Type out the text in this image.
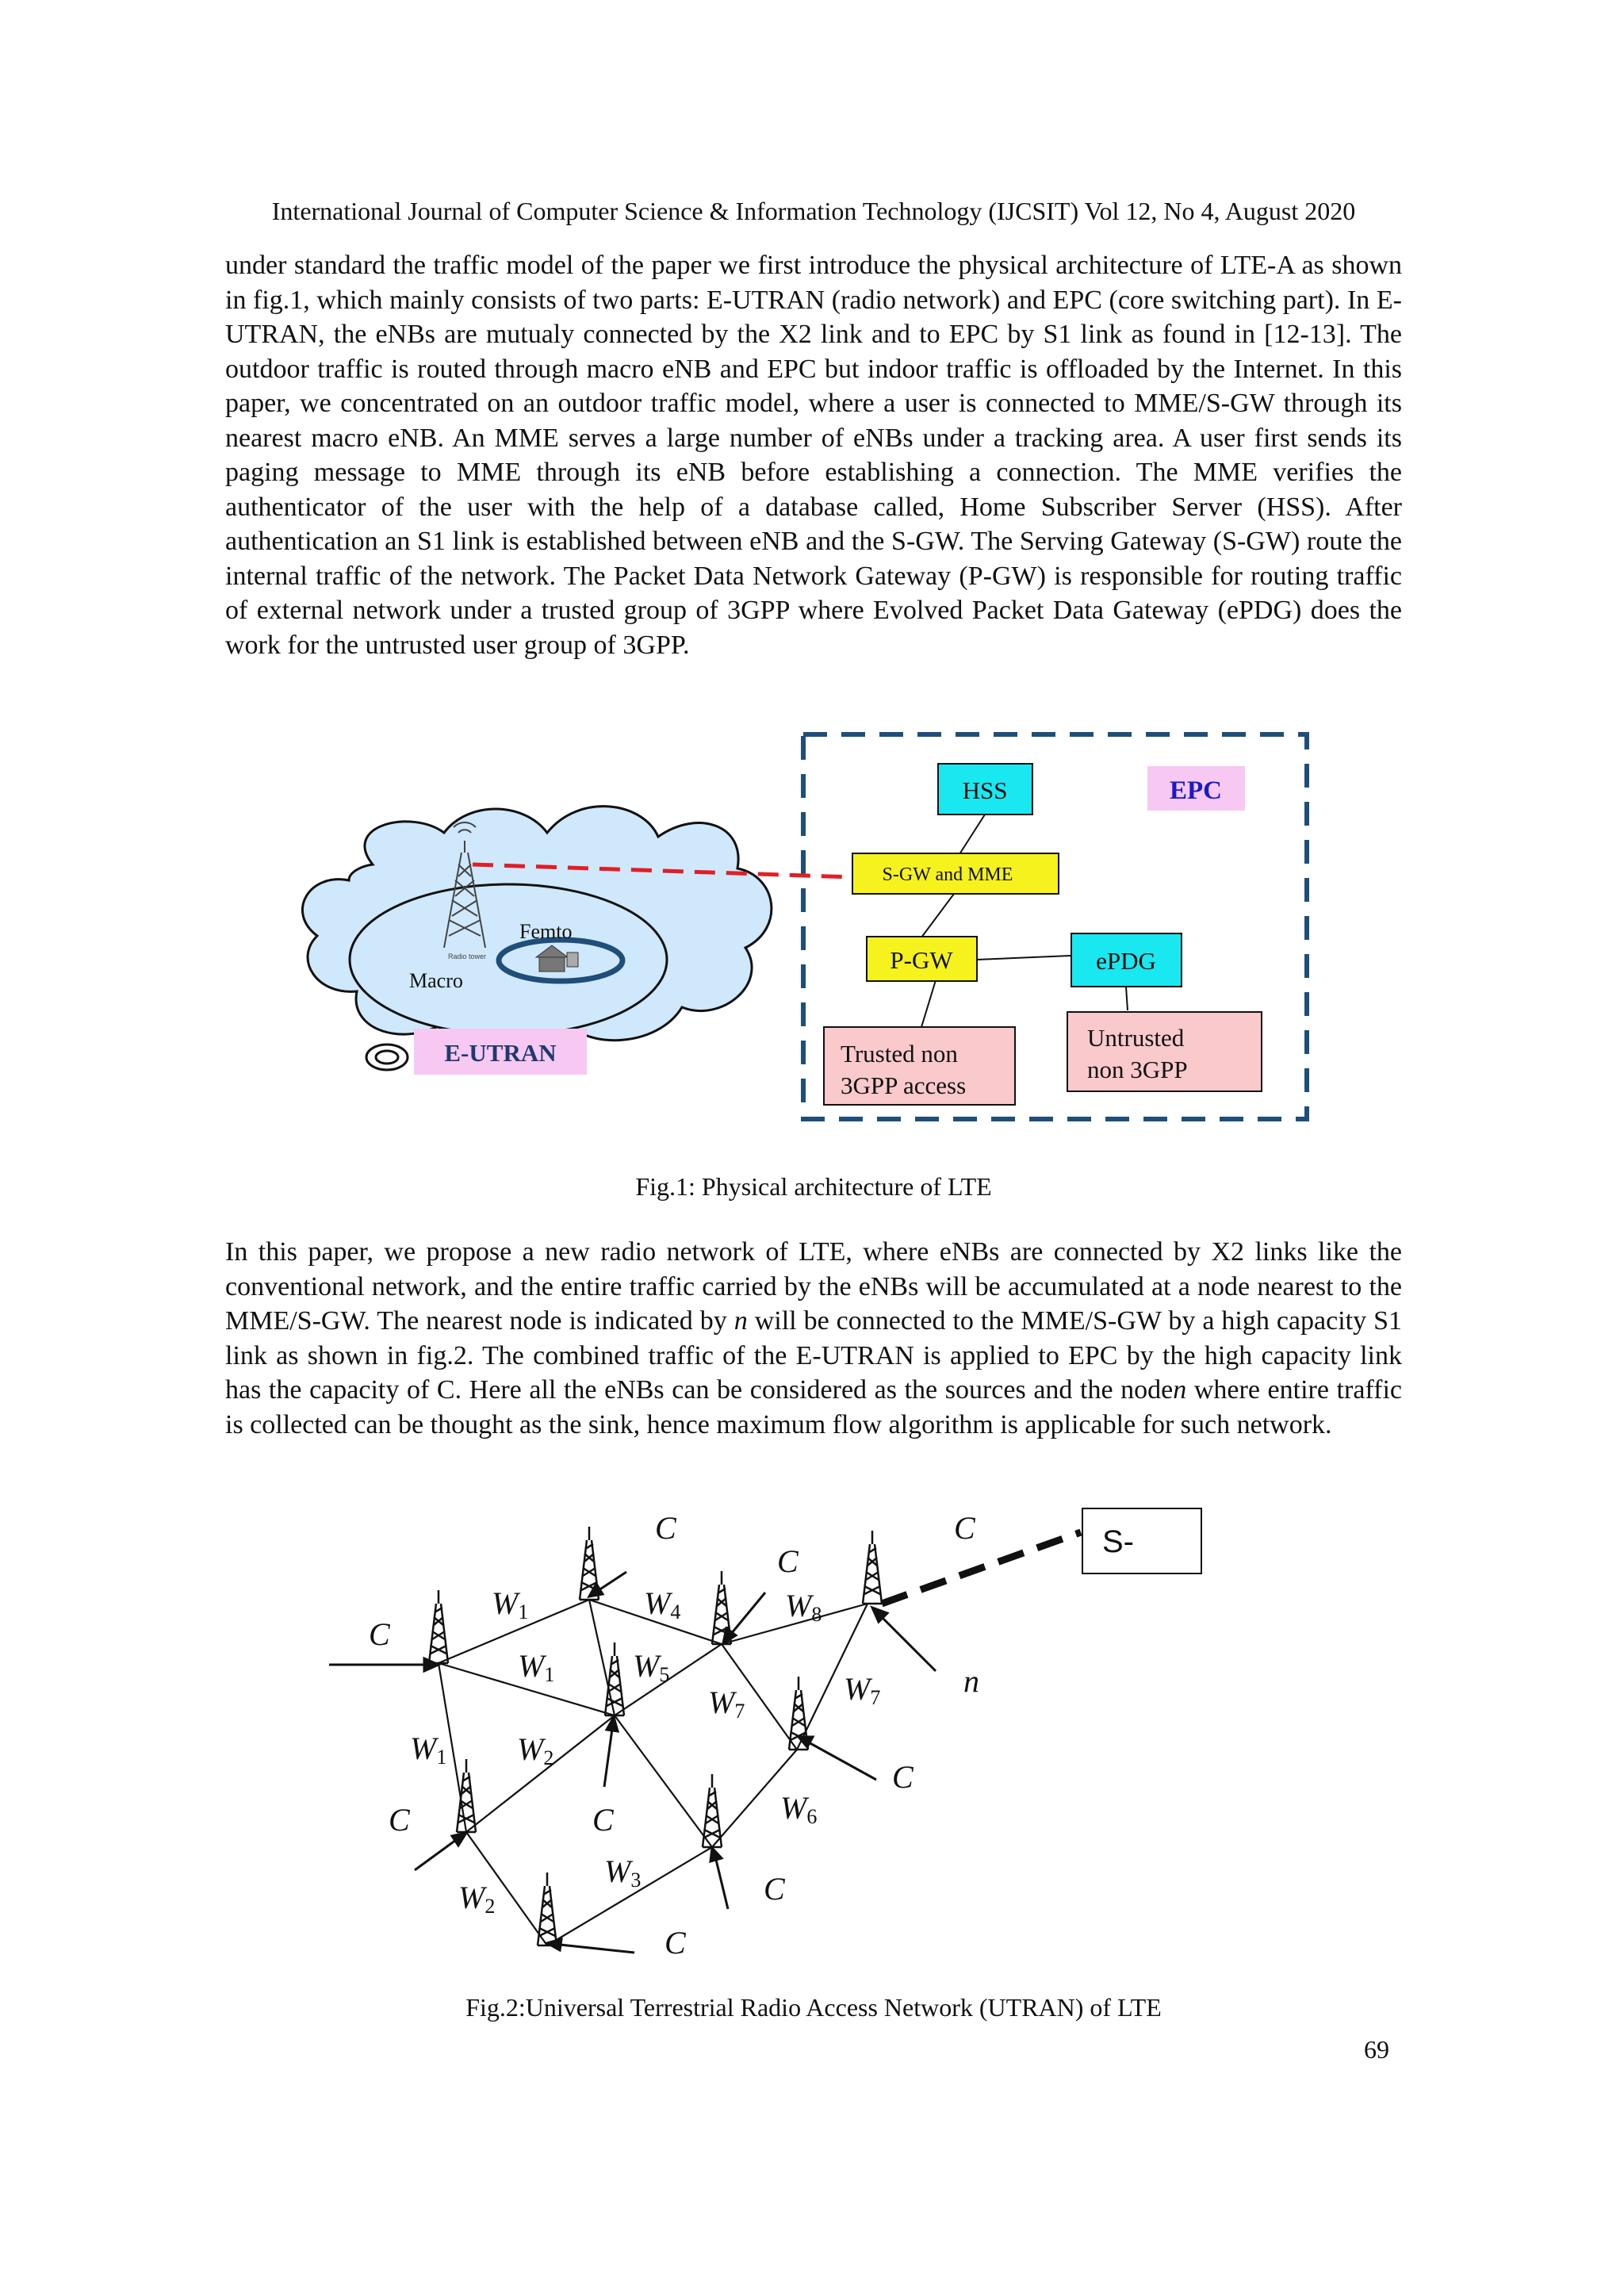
International Journal of Computer Science & Information Technology (IJCSIT) Vol 12, No 4, August 2020

under standard the traffic model of the paper we first introduce the physical architecture of LTE-A as shown in fig.1, which mainly consists of two parts: E-UTRAN (radio network) and EPC (core switching part). In E-UTRAN, the eNBs are mutualy connected by the X2 link and to EPC by S1 link as found in [12-13]. The outdoor traffic is routed through macro eNB and EPC but indoor traffic is offloaded by the Internet. In this paper, we concentrated on an outdoor traffic model, where a user is connected to MME/S-GW through its nearest macro eNB. An MME serves a large number of eNBs under a tracking area. A user first sends its paging message to MME through its eNB before establishing a connection. The MME verifies the authenticator of the user with the help of a database called, Home Subscriber Server (HSS). After authentication an S1 link is established between eNB and the S-GW. The Serving Gateway (S-GW) route the internal traffic of the network. The Packet Data Network Gateway (P-GW) is responsible for routing traffic of external network under a trusted group of 3GPP where Evolved Packet Data Gateway (ePDG) does the work for the untrusted user group of 3GPP.

Radio tower
Femto
Macro
E-UTRAN
HSS	EPC
S-GW and MME
P-GW	ePDG
Trusted non
3GPP access
Untrusted
non 3GPP
Fig.1: Physical architecture of LTE

In this paper, we propose a new radio network of LTE, where eNBs are connected by X2 links like the conventional network, and the entire traffic carried by the eNBs will be accumulated at a node nearest to the MME/S-GW. The nearest node is indicated by n will be connected to the MME/S-GW by a high capacity S1 link as shown in fig.2. The combined traffic of the E-UTRAN is applied to EPC by the high capacity link has the capacity of C. Here all the eNBs can be considered as the sources and the noden where entire traffic is collected can be thought as the sink, hence maximum flow algorithm is applicable for such network.

S-
C
C
C
C
C
C	C
C
C
n
W1	W4	W8
W1 W5
W7
W7
W1 W2
W6
W3
W2
Fig.2:Universal Terrestrial Radio Access Network (UTRAN) of LTE
69
